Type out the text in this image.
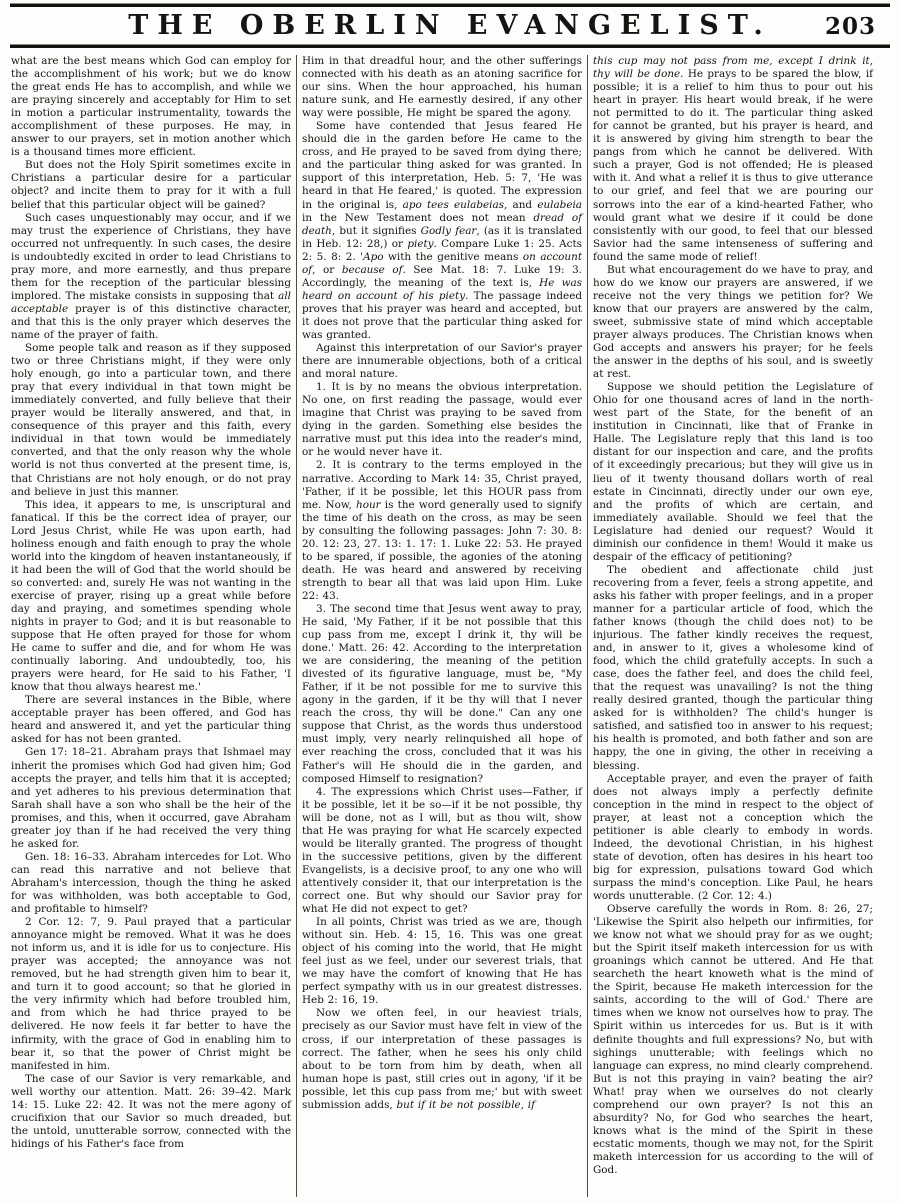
THE OBERLIN EVANGELIST.	203

what are the best means which God can employ for the accomplishment of his work; but we do know the great ends He has to accomplish, and while we are praying sincerely and acceptably for Him to set in motion a particular instrumentality, towards the accomplishment of these purposes. He may, in answer to our prayers, set in motion another which is a thousand times more efficient.

But does not the Holy Spirit sometimes excite in Christians a particular desire for a particular object? and incite them to pray for it with a full belief that this particular object will be gained?

Such cases unquestionably may occur, and if we may trust the experience of Christians, they have occurred not unfrequently. In such cases, the desire is undoubtedly excited in order to lead Christians to pray more, and more earnestly, and thus prepare them for the reception of the particular blessing implored. The mistake consists in supposing that all acceptable prayer is of this distinctive character, and that this is the only prayer which deserves the name of the prayer of faith.

Some people talk and reason as if they supposed two or three Christians might, if they were only holy enough, go into a particular town, and there pray that every individual in that town might be immediately converted, and fully believe that their prayer would be literally answered, and that, in consequence of this prayer and this faith, every individual in that town would be immediately converted, and that the only reason why the whole world is not thus converted at the present time, is, that Christians are not holy enough, or do not pray and believe in just this manner.

This idea, it appears to me, is unscriptural and fanatical. If this be the correct idea of prayer, our Lord Jesus Christ, while He was upon earth, had holiness enough and faith enough to pray the whole world into the kingdom of heaven instantaneously, if it had been the will of God that the world should be so converted: and, surely He was not wanting in the exercise of prayer, rising up a great while before day and praying, and sometimes spending whole nights in prayer to God; and it is but reasonable to suppose that He often prayed for those for whom He came to suffer and die, and for whom He was continually laboring. And undoubtedly, too, his prayers were heard, for He said to his Father, 'I know that thou always hearest me.'

There are several instances in the Bible, where acceptable prayer has been offered, and God has heard and answered it, and yet the particular thing asked for has not been granted.

Gen 17: 18–21. Abraham prays that Ishmael may inherit the promises which God had given him; God accepts the prayer, and tells him that it is accepted; and yet adheres to his previous determination that Sarah shall have a son who shall be the heir of the promises, and this, when it occurred, gave Abraham greater joy than if he had received the very thing he asked for.

Gen. 18: 16–33. Abraham intercedes for Lot. Who can read this narrative and not believe that Abraham's intercession, though the thing he asked for was withholden, was both acceptable to God, and profitable to himself?

2 Cor. 12: 7, 9. Paul prayed that a particular annoyance might be removed. What it was he does not inform us, and it is idle for us to conjecture. His prayer was accepted; the annoyance was not removed, but he had strength given him to bear it, and turn it to good account; so that he gloried in the very infirmity which had before troubled him, and from which he had thrice prayed to be delivered. He now feels it far better to have the infirmity, with the grace of God in enabling him to bear it, so that the power of Christ might be manifested in him.

The case of our Savior is very remarkable, and well worthy our attention. Matt. 26: 39–42. Mark 14: 15. Luke 22: 42. It was not the mere agony of crucifixion that our Savior so much dreaded, but the untold, unutterable sorrow, connected with the hidings of his Father's face from

Him in that dreadful hour, and the other sufferings connected with his death as an atoning sacrifice for our sins. When the hour approached, his human nature sunk, and He earnestly desired, if any other way were possible, He might be spared the agony.

Some have contended that Jesus feared He should die in the garden before He came to the cross, and He prayed to be saved from dying there; and the particular thing asked for was granted. In support of this interpretation, Heb. 5: 7, 'He was heard in that He feared,' is quoted. The expression in the original is, apo tees eulabeias, and eulabeia in the New Testament does not mean dread of death, but it signifies Godly fear, (as it is translated in Heb. 12: 28,) or piety. Compare Luke 1: 25. Acts 2: 5. 8: 2. 'Apo with the genitive means on account of, or because of. See Mat. 18: 7. Luke 19: 3. Accordingly, the meaning of the text is, He was heard on account of his piety. The passage indeed proves that his prayer was heard and accepted, but it does not prove that the particular thing asked for was granted.

Against this interpretation of our Savior's prayer there are innumerable objections, both of a critical and moral nature.

1. It is by no means the obvious interpretation. No one, on first reading the passage, would ever imagine that Christ was praying to be saved from dying in the garden. Something else besides the narrative must put this idea into the reader's mind, or he would never have it.

2. It is contrary to the terms employed in the narrative. According to Mark 14: 35, Christ prayed, 'Father, if it be possible, let this HOUR pass from me. Now, hour is the word generally used to signify the time of his death on the cross, as may be seen by consulting the following passages: John 7: 30. 8: 20. 12: 23, 27. 13: 1. 17: 1. Luke 22: 53. He prayed to be spared, if possible, the agonies of the atoning death. He was heard and answered by receiving strength to bear all that was laid upon Him. Luke 22: 43.

3. The second time that Jesus went away to pray, He said, 'My Father, if it be not possible that this cup pass from me, except I drink it, thy will be done.' Matt. 26: 42. According to the interpretation we are considering, the meaning of the petition divested of its figurative language, must be, "My Father, if it be not possible for me to survive this agony in the garden, if it be thy will that I never reach the cross, thy will be done." Can any one suppose that Christ, as the words thus understood must imply, very nearly relinquished all hope of ever reaching the cross, concluded that it was his Father's will He should die in the garden, and composed Himself to resignation?

4. The expressions which Christ uses—Father, if it be possible, let it be so—if it be not possible, thy will be done, not as I will, but as thou wilt, show that He was praying for what He scarcely expected would be literally granted. The progress of thought in the successive petitions, given by the different Evangelists, is a decisive proof, to any one who will attentively consider it, that our interpretation is the correct one. But why should our Savior pray for what He did not expect to get?

In all points, Christ was tried as we are, though without sin. Heb. 4: 15, 16. This was one great object of his coming into the world, that He might feel just as we feel, under our severest trials, that we may have the comfort of knowing that He has perfect sympathy with us in our greatest distresses. Heb 2: 16, 19.

Now we often feel, in our heaviest trials, precisely as our Savior must have felt in view of the cross, if our interpretation of these passages is correct. The father, when he sees his only child about to be torn from him by death, when all human hope is past, still cries out in agony, 'if it be possible, let this cup pass from me;' but with sweet submission adds, but if it be not possible, if

this cup may not pass from me, except I drink it, thy will be done. He prays to be spared the blow, if possible; it is a relief to him thus to pour out his heart in prayer. His heart would break, if he were not permitted to do it. The particular thing asked for cannot be granted, but his prayer is heard, and it is answered by giving him strength to bear the pangs from which he cannot be delivered. With such a prayer, God is not offended; He is pleased with it. And what a relief it is thus to give utterance to our grief, and feel that we are pouring our sorrows into the ear of a kind-hearted Father, who would grant what we desire if it could be done consistently with our good, to feel that our blessed Savior had the same intenseness of suffering and found the same mode of relief!

But what encouragement do we have to pray, and how do we know our prayers are answered, if we receive not the very things we petition for? We know that our prayers are answered by the calm, sweet, submissive state of mind which acceptable prayer always produces. The Christian knows when God accepts and answers his prayer; for he feels the answer in the depths of his soul, and is sweetly at rest.

Suppose we should petition the Legislature of Ohio for one thousand acres of land in the north-west part of the State, for the benefit of an institution in Cincinnati, like that of Franke in Halle. The Legislature reply that this land is too distant for our inspection and care, and the profits of it exceedingly precarious; but they will give us in lieu of it twenty thousand dollars worth of real estate in Cincinnati, directly under our own eye, and the profits of which are certain, and immediately available. Should we feel that the Legislature had denied our request? Would it diminish our confidence in them! Would it make us despair of the efficacy of petitioning?

The obedient and affectionate child just recovering from a fever, feels a strong appetite, and asks his father with proper feelings, and in a proper manner for a particular article of food, which the father knows (though the child does not) to be injurious. The father kindly receives the request, and, in answer to it, gives a wholesome kind of food, which the child gratefully accepts. In such a case, does the father feel, and does the child feel, that the request was unavailing? Is not the thing really desired granted, though the particular thing asked for is withholden? The child's hunger is satisfied, and satisfied too in answer to his request; his health is promoted, and both father and son are happy, the one in giving, the other in receiving a blessing.

Acceptable prayer, and even the prayer of faith does not always imply a perfectly definite conception in the mind in respect to the object of prayer, at least not a conception which the petitioner is able clearly to embody in words. Indeed, the devotional Christian, in his highest state of devotion, often has desires in his heart too big for expression, pulsations toward God which surpass the mind's conception. Like Paul, he hears words unutterable. (2 Cor. 12: 4.)

Observe carefully the words in Rom. 8: 26, 27; 'Likewise the Spirit also helpeth our infirmities, for we know not what we should pray for as we ought; but the Spirit itself maketh intercession for us with groanings which cannot be uttered. And He that searcheth the heart knoweth what is the mind of the Spirit, because He maketh intercession for the saints, according to the will of God.' There are times when we know not ourselves how to pray. The Spirit within us intercedes for us. But is it with definite thoughts and full expressions? No, but with sighings unutterable; with feelings which no language can express, no mind clearly comprehend. But is not this praying in vain? beating the air? What! pray when we ourselves do not clearly comprehend our own prayer? Is not this an absurdity? No, for God who searches the heart, knows what is the mind of the Spirit in these ecstatic moments, though we may not, for the Spirit maketh intercession for us according to the will of God.
